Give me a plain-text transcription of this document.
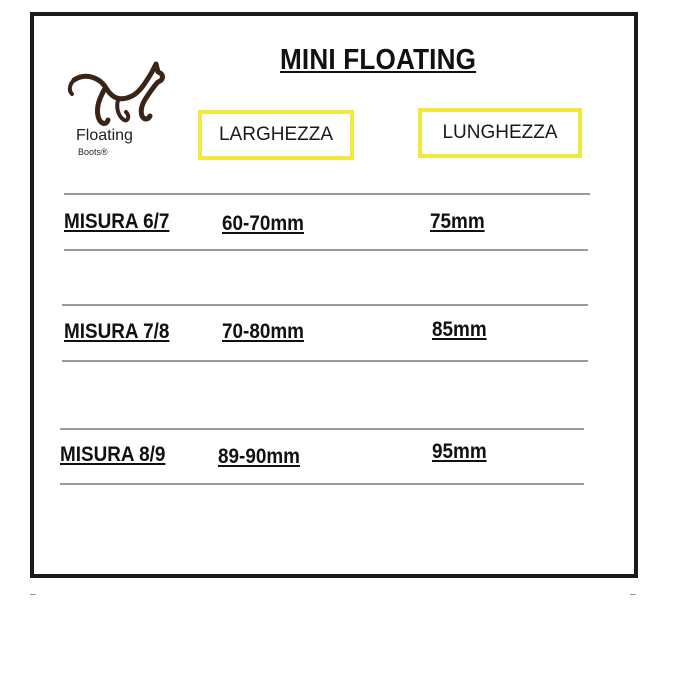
MINI FLOATING
Floating
Boots®
LARGHEZZA	LUNGHEZZA
MISURA 6/7	60-70mm	75mm
MISURA 7/8	70-80mm	85mm
MISURA 8/9	89-90mm	95mm
